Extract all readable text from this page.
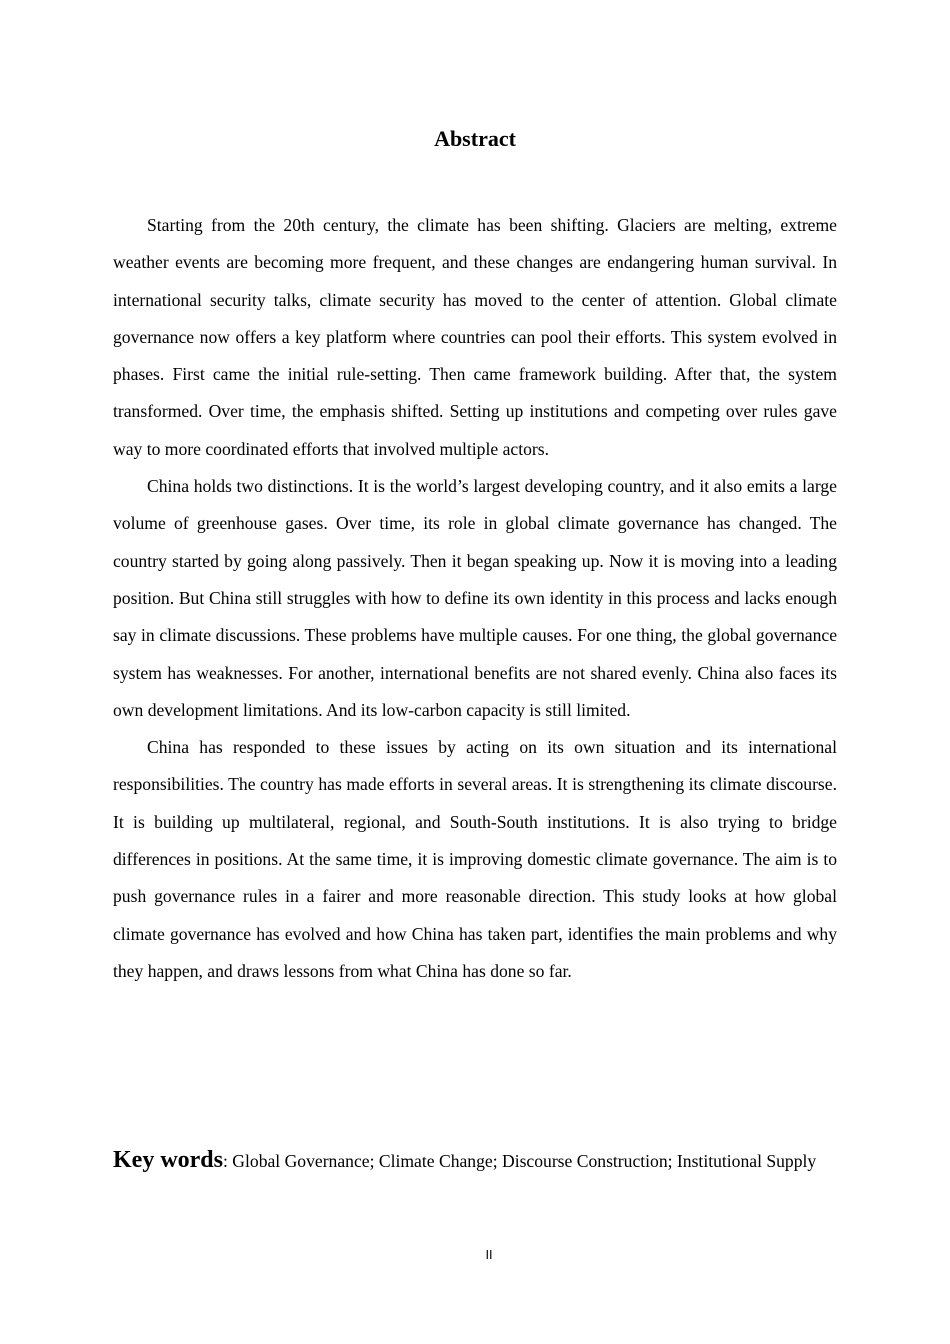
Abstract

Starting from the 20th century, the climate has been shifting. Glaciers are melting, extreme weather events are becoming more frequent, and these changes are endangering human survival. In international security talks, climate security has moved to the center of attention. Global climate governance now offers a key platform where countries can pool their efforts. This system evolved in phases. First came the initial rule-setting. Then came framework building. After that, the system transformed. Over time, the emphasis shifted. Setting up institutions and competing over rules gave way to more coordinated efforts that involved multiple actors.

China holds two distinctions. It is the world’s largest developing country, and it also emits a large volume of greenhouse gases. Over time, its role in global climate governance has changed. The country started by going along passively. Then it began speaking up. Now it is moving into a leading position. But China still struggles with how to define its own identity in this process and lacks enough say in climate discussions. These problems have multiple causes. For one thing, the global governance system has weaknesses. For another, international benefits are not shared evenly. China also faces its own development limitations. And its low-carbon capacity is still limited.

China has responded to these issues by acting on its own situation and its international responsibilities. The country has made efforts in several areas. It is strengthening its climate discourse. It is building up multilateral, regional, and South-South institutions. It is also trying to bridge differences in positions. At the same time, it is improving domestic climate governance. The aim is to push governance rules in a fairer and more reasonable direction. This study looks at how global climate governance has evolved and how China has taken part, identifies the main problems and why they happen, and draws lessons from what China has done so far.

Key words: Global Governance; Climate Change; Discourse Construction; Institutional Supply

II
